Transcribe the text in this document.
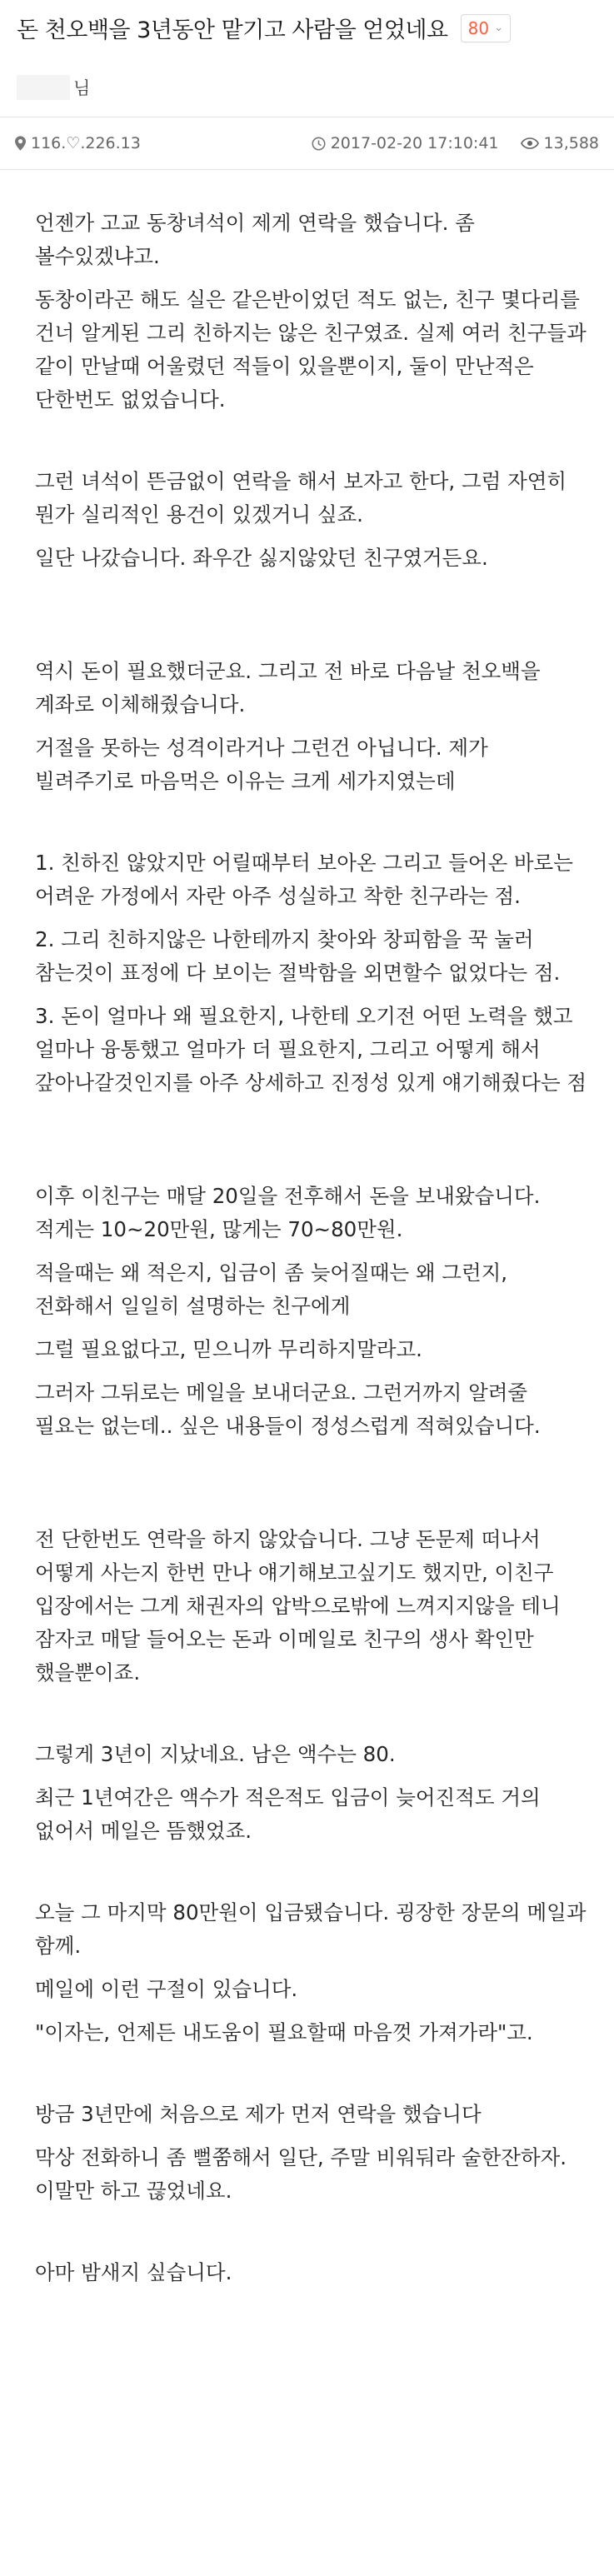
돈 천오백을 3년동안 맡기고 사람을 얻었네요 80 ⌄
님
116.♡.226.13	2017-02-20 17:10:41	13,588

언젠가 고교 동창녀석이 제게 연락을 했습니다. 좀 볼수있겠냐고.

동창이라곤 해도 실은 같은반이었던 적도 없는, 친구 몇다리를 건너 알게된 그리 친하지는 않은 친구였죠. 실제 여러 친구들과 같이 만날때 어울렸던 적들이 있을뿐이지, 둘이 만난적은 단한번도 없었습니다.

그런 녀석이 뜬금없이 연락을 해서 보자고 한다, 그럼 자연히 뭔가 실리적인 용건이 있겠거니 싶죠.

일단 나갔습니다. 좌우간 싫지않았던 친구였거든요.

역시 돈이 필요했더군요. 그리고 전 바로 다음날 천오백을 계좌로 이체해줬습니다.

거절을 못하는 성격이라거나 그런건 아닙니다. 제가 빌려주기로 마음먹은 이유는 크게 세가지였는데

1. 친하진 않았지만 어릴때부터 보아온 그리고 들어온 바로는 어려운 가정에서 자란 아주 성실하고 착한 친구라는 점.

2. 그리 친하지않은 나한테까지 찾아와 창피함을 꾹 눌러 참는것이 표정에 다 보이는 절박함을 외면할수 없었다는 점.

3. 돈이 얼마나 왜 필요한지, 나한테 오기전 어떤 노력을 했고 얼마나 융통했고 얼마가 더 필요한지, 그리고 어떻게 해서 갚아나갈것인지를 아주 상세하고 진정성 있게 얘기해줬다는 점

이후 이친구는 매달 20일을 전후해서 돈을 보내왔습니다. 적게는 10~20만원, 많게는 70~80만원.

적을때는 왜 적은지, 입금이 좀 늦어질때는 왜 그런지, 전화해서 일일히 설명하는 친구에게

그럴 필요없다고, 믿으니까 무리하지말라고.

그러자 그뒤로는 메일을 보내더군요. 그런거까지 알려줄 필요는 없는데.. 싶은 내용들이 정성스럽게 적혀있습니다.

전 단한번도 연락을 하지 않았습니다. 그냥 돈문제 떠나서 어떻게 사는지 한번 만나 얘기해보고싶기도 했지만, 이친구 입장에서는 그게 채권자의 압박으로밖에 느껴지지않을 테니 잠자코 매달 들어오는 돈과 이메일로 친구의 생사 확인만 했을뿐이죠.

그렇게 3년이 지났네요. 남은 액수는 80.

최근 1년여간은 액수가 적은적도 입금이 늦어진적도 거의 없어서 메일은 뜸했었죠.

오늘 그 마지막 80만원이 입금됐습니다. 굉장한 장문의 메일과 함께.

메일에 이런 구절이 있습니다.

"이자는, 언제든 내도움이 필요할때 마음껏 가져가라"고.

방금 3년만에 처음으로 제가 먼저 연락을 했습니다

막상 전화하니 좀 뻘쭘해서 일단, 주말 비워둬라 술한잔하자. 이말만 하고 끊었네요.

아마 밤새지 싶습니다.
